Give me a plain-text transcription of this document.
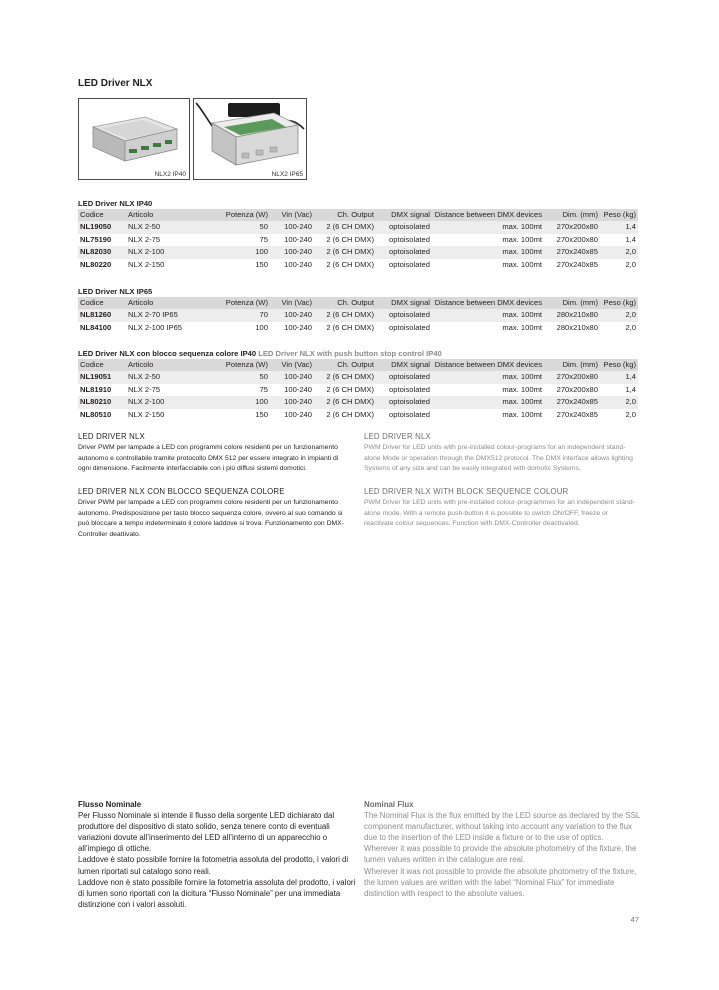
LED Driver NLX
NLX2 IP40	NLX2 IP65
LED Driver NLX IP40
Codice	Articolo	Potenza (W)	Vin (Vac)	Ch. Output	DMX signal	Distance between DMX devices	Dim. (mm)	Peso (kg)
NL19050	NLX 2-50	50	100-240	2 (6 CH DMX)	optoisolated	max. 100mt	270x200x80	1,4
NL75190	NLX 2-75	75	100-240	2 (6 CH DMX)	optoisolated	max. 100mt	270x200x80	1,4
NL82030	NLX 2-100	100	100-240	2 (6 CH DMX)	optoisolated	max. 100mt	270x240x85	2,0
NL80220	NLX 2-150	150	100-240	2 (6 CH DMX)	optoisolated	max. 100mt	270x240x85	2,0
LED Driver NLX IP65
Codice	Articolo	Potenza (W)	Vin (Vac)	Ch. Output	DMX signal	Distance between DMX devices	Dim. (mm)	Peso (kg)
NL81260	NLX 2-70 IP65	70	100-240	2 (6 CH DMX)	optoisolated	max. 100mt	280x210x80	2,0
NL84100	NLX 2-100 IP65	100	100-240	2 (6 CH DMX)	optoisolated	max. 100mt	280x210x80	2,0
LED Driver NLX con blocco sequenza colore IP40 LED Driver NLX with push button stop control IP40
Codice	Articolo	Potenza (W)	Vin (Vac)	Ch. Output	DMX signal	Distance between DMX devices	Dim. (mm)	Peso (kg)
NL19051	NLX 2-50	50	100-240	2 (6 CH DMX)	optoisolated	max. 100mt	270x200x80	1,4
NL81910	NLX 2-75	75	100-240	2 (6 CH DMX)	optoisolated	max. 100mt	270x200x80	1,4
NL80210	NLX 2-100	100	100-240	2 (6 CH DMX)	optoisolated	max. 100mt	270x240x85	2,0
NL80510	NLX 2-150	150	100-240	2 (6 CH DMX)	optoisolated	max. 100mt	270x240x85	2,0
LED DRIVER NLX

Driver PWM per lampade a LED con programmi colore residenti per un funzionamento autonomo e controllabile tramite protocollo DMX 512 per essere integrato in impianti di ogni dimensione. Facilmente interfacciabile con i più diffusi sistemi domotici.

LED DRIVER NLX CON BLOCCO SEQUENZA COLORE

Driver PWM per lampade a LED con programmi colore residenti per un funzionamento autonomo. Predisposizione per tasto blocco sequenza colore, ovvero al suo comando si può bloccare a tempo indeterminato il colore laddove si trova. Funzionamento con DMX-Controller deattivato.

LED DRIVER NLX

PWM Driver for LED units with pre-installed colour-programs for an independent stand-alone Mode or operation through the DMX512 protocol. The DMX interface allows lighting Systems of any size and can be easily integrated with domotic Systems.

LED DRIVER NLX WITH BLOCK SEQUENCE COLOUR

PWM Driver for LED units with pre-installed colour-programmes for an independent stand-alone mode. With a remote push-button it is possible to switch ON/OFF, freeze or reactivate colour sequences. Function with DMX-Controller deactivated.

Flusso Nominale

Per Flusso Nominale si intende il flusso della sorgente LED dichiarato dal produttore del dispositivo di stato solido, senza tenere conto di eventuali variazioni dovute all’inserimento del LED all’interno di un apparecchio o all’impiego di ottiche.

Laddove è stato possibile fornire la fotometria assoluta del prodotto, i valori di lumen riportati sul catalogo sono reali.

Laddove non è stato possibile fornire la fotometria assoluta del prodotto, i valori di lumen sono riportati con la dicitura “Flusso Nominale” per una immediata distinzione con i valori assoluti.

Nominal Flux

The Nominal Flux is the flux emitted by the LED source as declared by the SSL component manufacturer, without taking into account any variation to the flux due to the insertion of the LED inside a fixture or to the use of optics.

Wherever it was possible to provide the absolute photometry of the fixture, the lumen values written in the catalogue are real.

Wherever it was not possible to provide the absolute photometry of the fixture, the lumen values are written with the label “Nominal Flux” for immediate distinction with respect to the absolute values.

47
